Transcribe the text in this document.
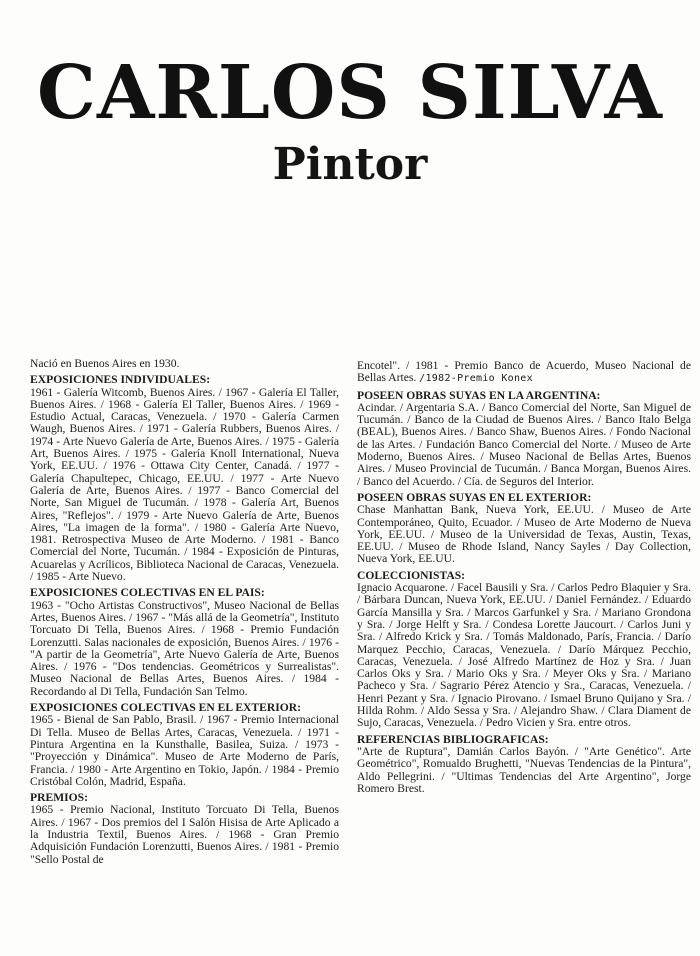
CARLOS SILVA
Pintor

Nació en Buenos Aires en 1930.

EXPOSICIONES INDIVIDUALES:

1961 - Galería Witcomb, Buenos Aires. / 1967 - Galería El Taller, Buenos Aires. / 1968 - Galería El Taller, Buenos Aires. / 1969 - Estudio Actual, Caracas, Venezuela. / 1970 - Galería Carmen Waugh, Buenos Aires. / 1971 - Galería Rubbers, Buenos Aires. / 1974 - Arte Nuevo Galería de Arte, Buenos Aires. / 1975 - Galería Art, Buenos Aires. / 1975 - Galería Knoll International, Nueva York, EE.UU. / 1976 - Ottawa City Center, Canadá. / 1977 - Galería Chapultepec, Chicago, EE.UU. / 1977 - Arte Nuevo Galería de Arte, Buenos Aires. / 1977 - Banco Comercial del Norte, San Miguel de Tucumán. / 1978 - Galería Art, Buenos Aires, "Reflejos". / 1979 - Arte Nuevo Galería de Arte, Buenos Aires, "La imagen de la forma". / 1980 - Galería Arte Nuevo, 1981. Retrospectiva Museo de Arte Moderno. / 1981 - Banco Comercial del Norte, Tucumán. / 1984 - Exposición de Pinturas, Acuarelas y Acrílicos, Biblioteca Nacional de Caracas, Venezuela. / 1985 - Arte Nuevo.

EXPOSICIONES COLECTIVAS EN EL PAIS:

1963 - "Ocho Artistas Constructivos", Museo Nacional de Bellas Artes, Buenos Aires. / 1967 - "Más allá de la Geometría", Instituto Torcuato Di Tella, Buenos Aires. / 1968 - Premio Fundación Lorenzutti. Salas nacionales de exposición, Buenos Aires. / 1976 - "A partir de la Geometría", Arte Nuevo Galería de Arte, Buenos Aires. / 1976 - "Dos tendencias. Geométricos y Surrealistas". Museo Nacional de Bellas Artes, Buenos Aires. / 1984 - Recordando al Di Tella, Fundación San Telmo.

EXPOSICIONES COLECTIVAS EN EL EXTERIOR:

1965 - Bienal de San Pablo, Brasil. / 1967 - Premio Internacional Di Tella. Museo de Bellas Artes, Caracas, Venezuela. / 1971 - Pintura Argentina en la Kunsthalle, Basilea, Suiza. / 1973 - "Proyección y Dinámica". Museo de Arte Moderno de París, Francia. / 1980 - Arte Argentino en Tokio, Japón. / 1984 - Premio Cristóbal Colón, Madrid, España.

PREMIOS:

1965 - Premio Nacional, Instituto Torcuato Di Tella, Buenos Aires. / 1967 - Dos premios del I Salón Hisisa de Arte Aplicado a la Industria Textil, Buenos Aires. / 1968 - Gran Premio Adquisición Fundación Lorenzutti, Buenos Aires. / 1981 - Premio "Sello Postal de

Encotel". / 1981 - Premio Banco de Acuerdo, Museo Nacional de Bellas Artes. /1982-Premio Konex

POSEEN OBRAS SUYAS EN LA ARGENTINA:

Acindar. / Argentaria S.A. / Banco Comercial del Norte, San Miguel de Tucumán. / Banco de la Ciudad de Buenos Aires. / Banco Italo Belga (BEAL), Buenos Aires. / Banco Shaw, Buenos Aires. / Fondo Nacional de las Artes. / Fundación Banco Comercial del Norte. / Museo de Arte Moderno, Buenos Aires. / Museo Nacional de Bellas Artes, Buenos Aires. / Museo Provincial de Tucumán. / Banca Morgan, Buenos Aires. / Banco del Acuerdo. / Cía. de Seguros del Interior.

POSEEN OBRAS SUYAS EN EL EXTERIOR:

Chase Manhattan Bank, Nueva York, EE.UU. / Museo de Arte Contemporáneo, Quito, Ecuador. / Museo de Arte Moderno de Nueva York, EE.UU. / Museo de la Universidad de Texas, Austin, Texas, EE.UU. / Museo de Rhode Island, Nancy Sayles / Day Collection, Nueva York, EE.UU.

COLECCIONISTAS:

Ignacio Acquarone. / Facel Bausili y Sra. / Carlos Pedro Blaquier y Sra. / Bárbara Duncan, Nueva York, EE.UU. / Daniel Fernández. / Eduardo García Mansilla y Sra. / Marcos Garfunkel y Sra. / Mariano Grondona y Sra. / Jorge Helft y Sra. / Condesa Lorette Jaucourt. / Carlos Juni y Sra. / Alfredo Krick y Sra. / Tomás Maldonado, París, Francia. / Darío Marquez Pecchio, Caracas, Venezuela. / Darío Márquez Pecchio, Caracas, Venezuela. / José Alfredo Martínez de Hoz y Sra. / Juan Carlos Oks y Sra. / Mario Oks y Sra. / Meyer Oks y Sra. / Mariano Pacheco y Sra. / Sagrario Pérez Atencio y Sra., Caracas, Venezuela. / Henri Pezant y Sra. / Ignacio Pirovano. / Ismael Bruno Quijano y Sra. / Hilda Rohm. / Aldo Sessa y Sra. / Alejandro Shaw. / Clara Diament de Sujo, Caracas, Venezuela. / Pedro Vicien y Sra. entre otros.

REFERENCIAS BIBLIOGRAFICAS:

"Arte de Ruptura", Damián Carlos Bayón. / "Arte Genético". Arte Geométrico", Romualdo Brughetti, "Nuevas Tendencias de la Pintura", Aldo Pellegrini. / "Ultimas Tendencias del Arte Argentino", Jorge Romero Brest.
